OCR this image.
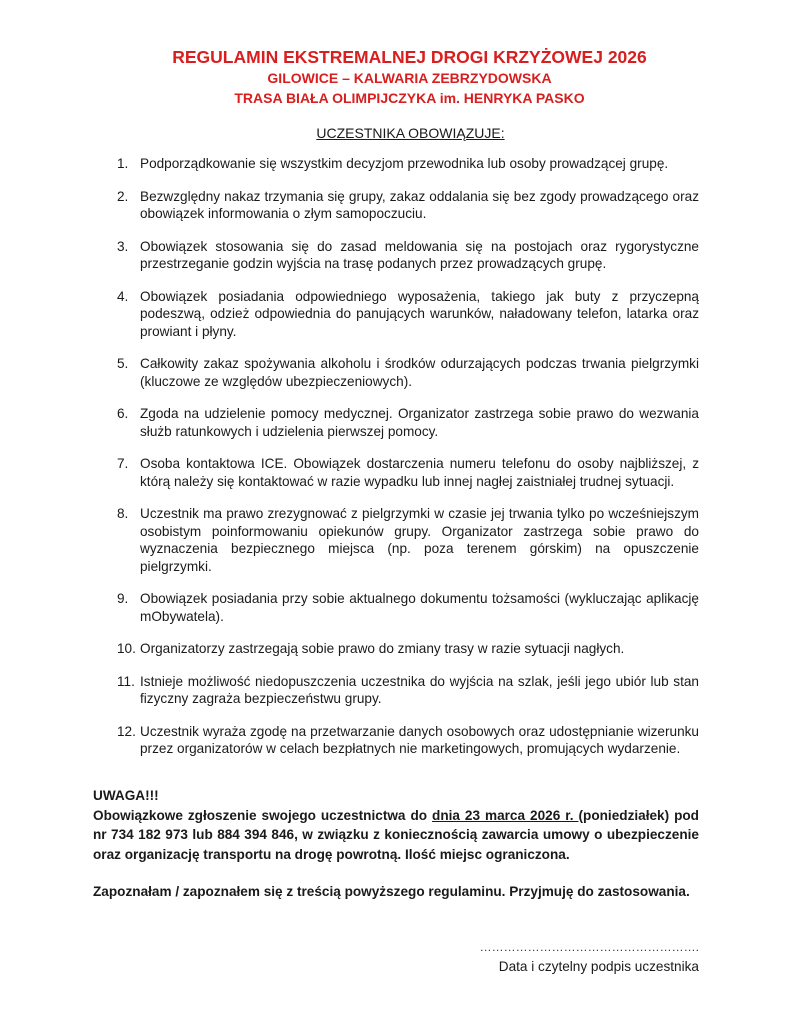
REGULAMIN EKSTREMALNEJ DROGI KRZYŻOWEJ 2026

GILOWICE – KALWARIA ZEBRZYDOWSKA

TRASA BIAŁA OLIMPIJCZYKA im. HENRYKA PASKO

UCZESTNIKA OBOWIĄZUJE:
1. Podporządkowanie się wszystkim decyzjom przewodnika lub osoby prowadzącej grupę.
2. Bezwzględny nakaz trzymania się grupy, zakaz oddalania się bez zgody prowadzącego oraz obowiązek informowania o złym samopoczuciu.
3. Obowiązek stosowania się do zasad meldowania się na postojach oraz rygorystyczne przestrzeganie godzin wyjścia na trasę podanych przez prowadzących grupę.
4. Obowiązek posiadania odpowiedniego wyposażenia, takiego jak buty z przyczepną podeszwą, odzież odpowiednia do panujących warunków, naładowany telefon, latarka oraz prowiant i płyny.
5. Całkowity zakaz spożywania alkoholu i środków odurzających podczas trwania pielgrzymki (kluczowe ze względów ubezpieczeniowych).
6. Zgoda na udzielenie pomocy medycznej. Organizator zastrzega sobie prawo do wezwania służb ratunkowych i udzielenia pierwszej pomocy.
7. Osoba kontaktowa ICE. Obowiązek dostarczenia numeru telefonu do osoby najbliższej, z którą należy się kontaktować w razie wypadku lub innej nagłej zaistniałej trudnej sytuacji.
8. Uczestnik ma prawo zrezygnować z pielgrzymki w czasie jej trwania tylko po wcześniejszym osobistym poinformowaniu opiekunów grupy. Organizator zastrzega sobie prawo do wyznaczenia bezpiecznego miejsca (np. poza terenem górskim) na opuszczenie pielgrzymki.
9. Obowiązek posiadania przy sobie aktualnego dokumentu tożsamości (wykluczając aplikację mObywatela).
10. Organizatorzy zastrzegają sobie prawo do zmiany trasy w razie sytuacji nagłych.
11. Istnieje możliwość niedopuszczenia uczestnika do wyjścia na szlak, jeśli jego ubiór lub stan fizyczny zagraża bezpieczeństwu grupy.
12. Uczestnik wyraża zgodę na przetwarzanie danych osobowych oraz udostępnianie wizerunku przez organizatorów w celach bezpłatnych nie marketingowych, promujących wydarzenie.

UWAGA!!!

Obowiązkowe zgłoszenie swojego uczestnictwa do dnia 23 marca 2026 r. (poniedziałek) pod nr 734 182 973 lub 884 394 846, w związku z koniecznością zawarcia umowy o ubezpieczenie oraz organizację transportu na drogę powrotną. Ilość miejsc ograniczona.

Zapoznałam / zapoznałem się z treścią powyższego regulaminu. Przyjmuję do zastosowania.

……………………………………………….
Data i czytelny podpis uczestnika
